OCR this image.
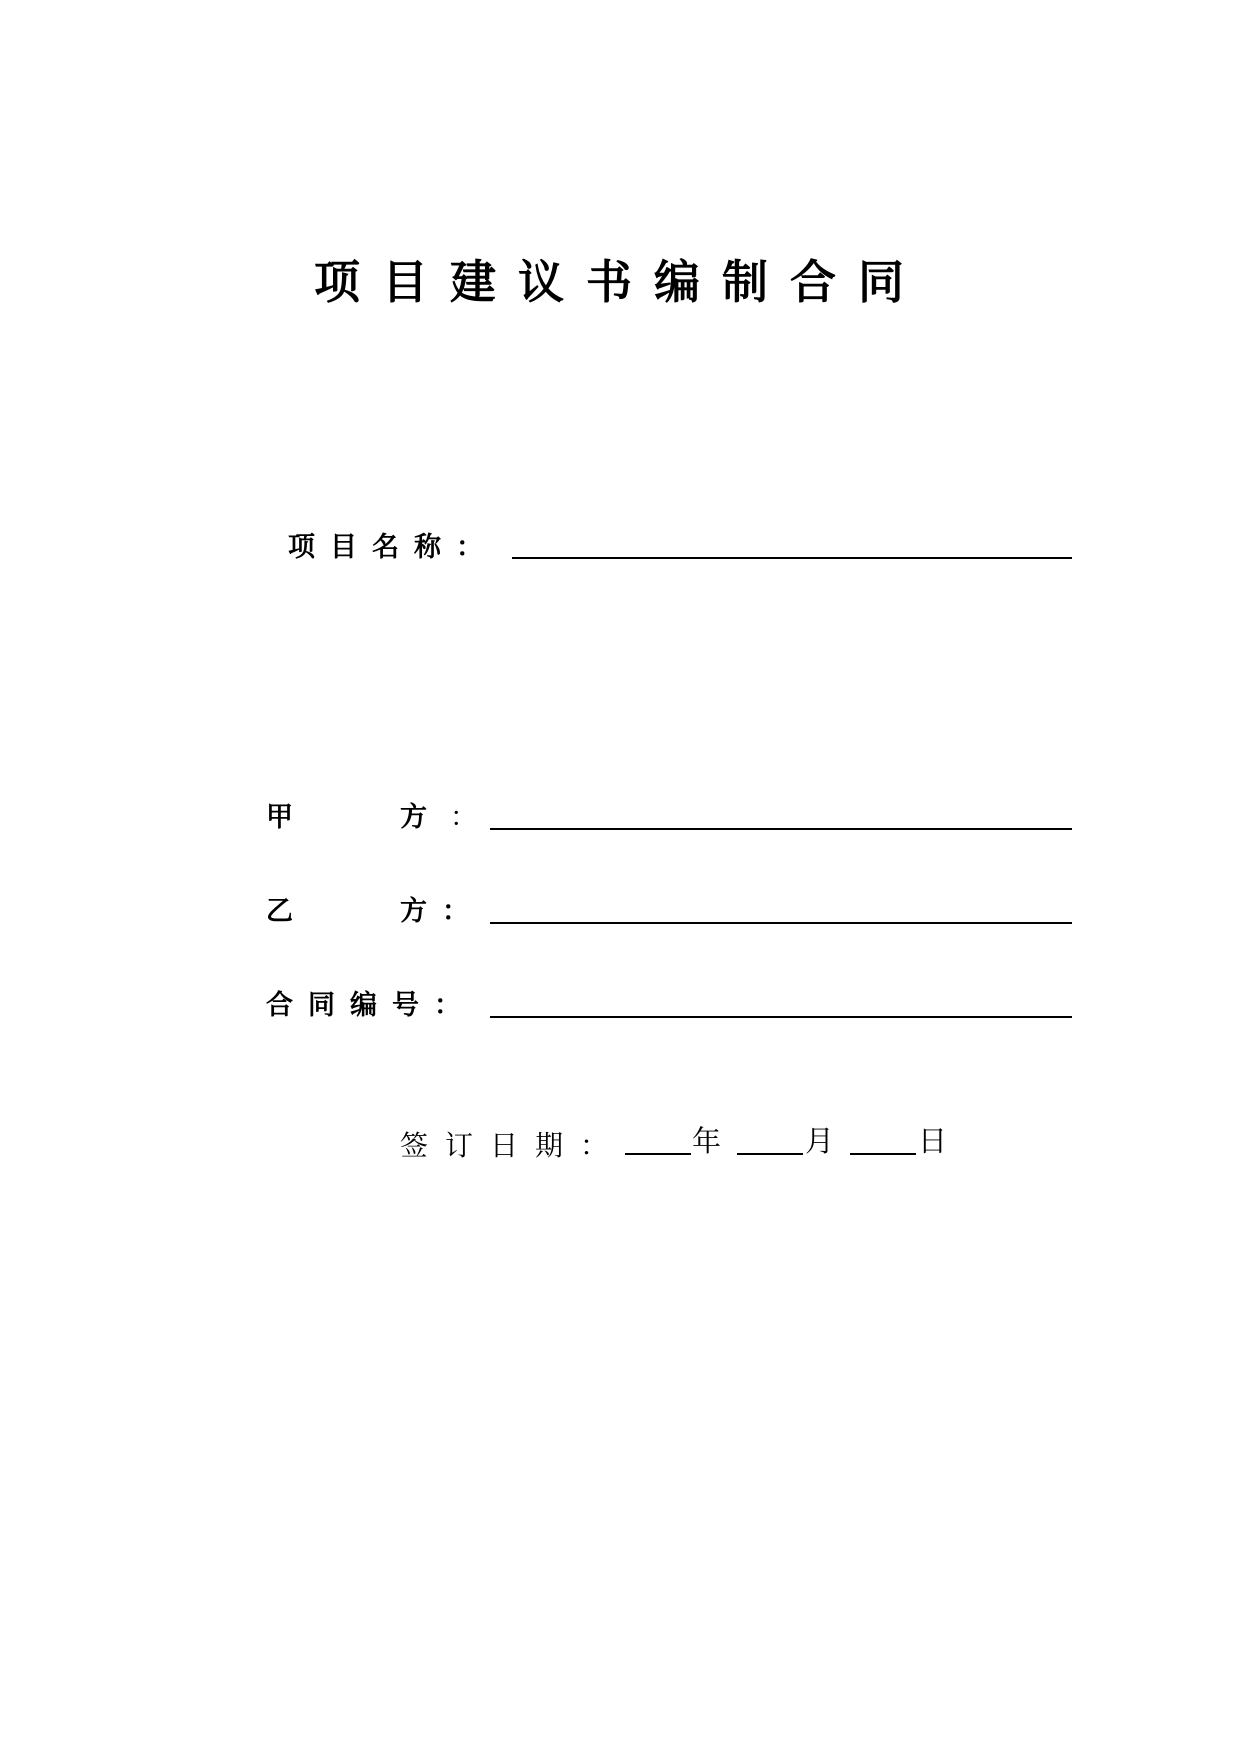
项目建议书编制合同
项目名称：
甲	方 ：
乙	方 ：
合同编号：
签订日期： 年	月	日
